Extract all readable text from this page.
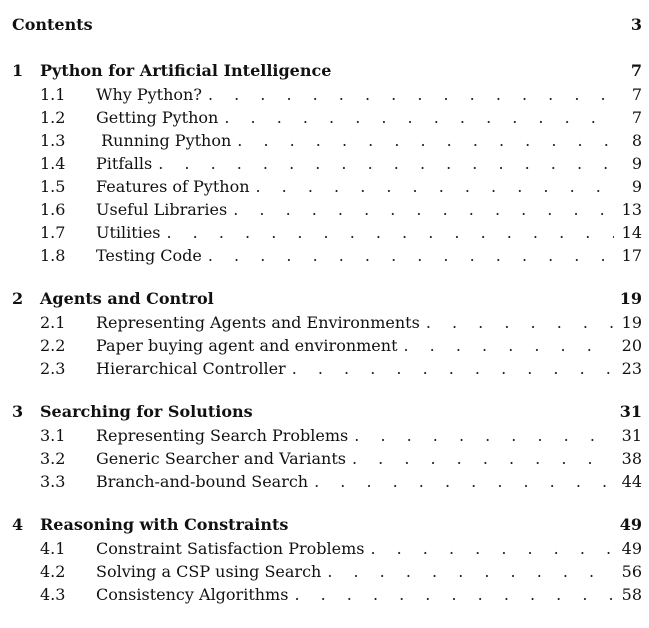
Contents	3
1	Python for Artificial Intelligence	7
1.1	Why Python? . . .	7
1.2	Getting Python . . .	7
1.3	Running Python . . .	8
1.4	Pitfalls . . .	9
1.5	Features of Python . . .	9
1.6	Useful Libraries . . .	13
1.7	Utilities . . .	14
1.8	Testing Code . . .	17
2	Agents and Control	19
2.1	Representing Agents and Environments . . .	19
2.2	Paper buying agent and environment . . .	20
2.3	Hierarchical Controller . . .	23
3	Searching for Solutions	31
3.1	Representing Search Problems . . .	31
3.2	Generic Searcher and Variants . . .	38
3.3	Branch-and-bound Search . . .	44
4	Reasoning with Constraints	49
4.1	Constraint Satisfaction Problems . . .	49
4.2	Solving a CSP using Search . . .	56
4.3	Consistency Algorithms . . .	58
